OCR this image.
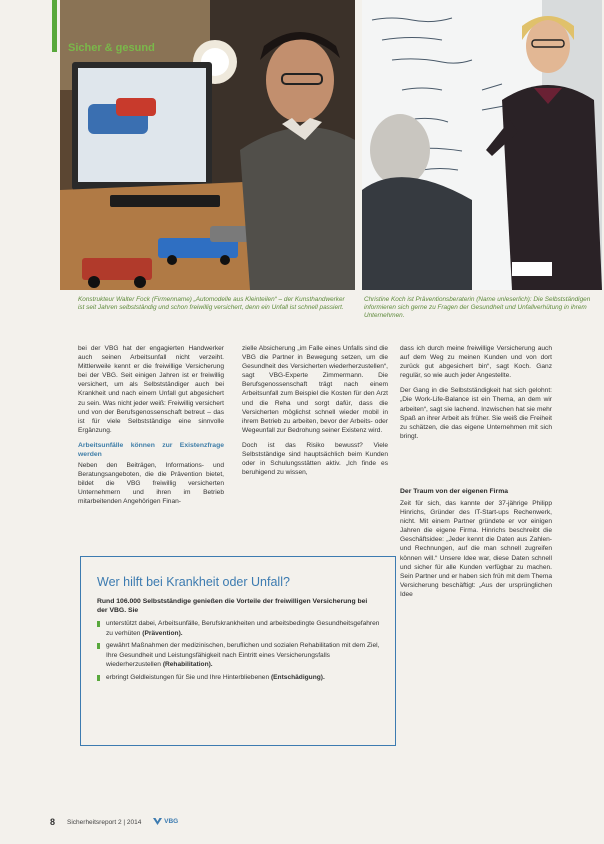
Sicher & gesund
Konstrukteur Walter Fock (Firmenname) „Automodelle aus Kleinteilen“ – der Kunsthandwerker ist seit Jahren selbstständig und schon freiwillig versichert, denn ein Unfall ist schnell passiert.
Christine Koch ist Präventionsberaterin (Name unleserlich): Die Selbstständigen informieren sich gerne zu Fragen der Gesundheit und Unfallverhütung in ihrem Unternehmen.

bei der VBG hat der engagierten Handwerker auch seinen Arbeitsunfall nicht verzeiht. Mittlerweile kennt er die freiwillige Versicherung bei der VBG. Seit einigen Jahren ist er freiwillig versichert, um als Selbstständiger auch bei Krankheit und nach einem Unfall gut abgesichert zu sein. Was nicht jeder weiß: Freiwillig versichert und von der Berufsgenossenschaft betreut – das ist für viele Selbstständige eine sinnvolle Ergänzung.

Arbeitsunfälle können zur Existenzfrage werden

Neben den Beiträgen, Informations- und Beratungsangeboten, die die Prävention bietet, bildet die VBG freiwillig versicherten Unternehmern und ihren im Betrieb mitarbeitenden Angehörigen Finan-

zielle Absicherung „im Falle eines Unfalls sind die VBG die Partner in Bewegung setzen, um die Gesundheit des Versicherten wiederherzustellen“, sagt VBG-Experte Zimmermann. Die Berufsgenossenschaft trägt nach einem Arbeitsunfall zum Beispiel die Kosten für den Arzt und die Reha und sorgt dafür, dass die Versicherten möglichst schnell wieder mobil in ihrem Betrieb zu arbeiten, bevor der Arbeits- oder Wegeunfall zur Bedrohung seiner Existenz wird.

Doch ist das Risiko bewusst? Viele Selbstständige sind hauptsächlich beim Kunden oder in Schulungsstätten aktiv. „Ich finde es beruhigend zu wissen,

dass ich durch meine freiwillige Versicherung auch auf dem Weg zu meinen Kunden und von dort zurück gut abgesichert bin“, sagt Koch. Ganz regulär, so wie auch jeder Angestellte.

Der Gang in die Selbstständigkeit hat sich gelohnt: „Die Work-Life-Balance ist ein Thema, an dem wir arbeiten“, sagt sie lachend. Inzwischen hat sie mehr Spaß an ihrer Arbeit als früher. Sie weiß die Freiheit zu schätzen, die das eigene Unternehmen mit sich bringt.

Der Traum von der eigenen Firma

Zeit für sich, das kannte der 37-jährige Philipp Hinrichs, Gründer des IT-Start-ups Rechenwerk, nicht. Mit einem Partner gründete er vor einigen Jahren die eigene Firma. Hinrichs beschreibt die Geschäftsidee: „Jeder kennt die Daten aus Zahlen- und Rechnungen, auf die man schnell zugreifen können will.“ Unsere Idee war, diese Daten schnell und sicher für alle Kunden verfügbar zu machen. Sein Partner und er haben sich früh mit dem Thema Versicherung beschäftigt: „Aus der ursprünglichen Idee

Wer hilft bei Krankheit oder Unfall?
Rund 106.000 Selbstständige genießen die Vorteile der freiwilligen Versicherung bei der VBG. Sie
unterstützt dabei, Arbeitsunfälle, Berufskrankheiten und arbeitsbedingte Gesundheitsgefahren zu verhüten (Prävention).
gewährt Maßnahmen der medizinischen, beruflichen und sozialen Rehabilitation mit dem Ziel, Ihre Gesundheit und Leistungsfähigkeit nach Eintritt eines Versicherungsfalls wiederherzustellen (Rehabilitation).
erbringt Geldleistungen für Sie und Ihre Hinterbliebenen (Entschädigung).
8 Sicherheitsreport 2 | 2014	VBG
